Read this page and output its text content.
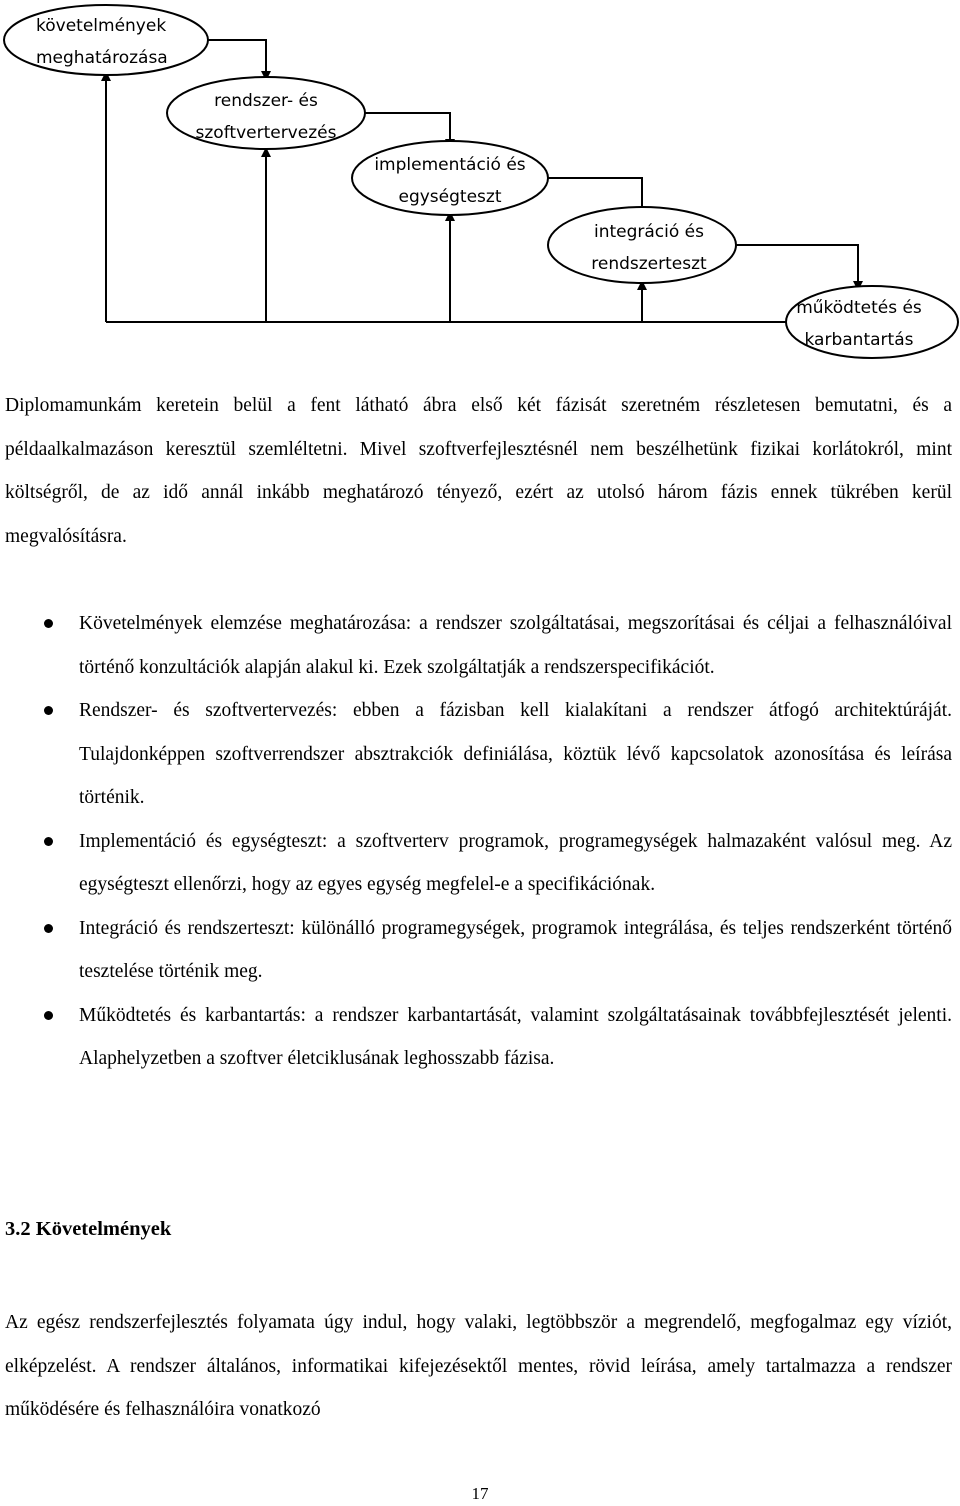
követelmények
meghatározása
rendszer- és
szoftvertervezés
implementáció és
egységteszt
integráció és
rendszerteszt
működtetés és
karbantartás

Diplomamunkám keretein belül a fent látható ábra első két fázisát szeretném részletesen bemutatni, és a példaalkalmazáson keresztül szemléltetni. Mivel szoftverfejlesztésnél nem beszélhetünk fizikai korlátokról, mint költségről, de az idő annál inkább meghatározó tényező, ezért az utolsó három fázis ennek tükrében kerül megvalósításra.

Követelmények elemzése meghatározása: a rendszer szolgáltatásai, megszorításai és céljai a felhasználóival történő konzultációk alapján alakul ki. Ezek szolgáltatják a rendszerspecifikációt.
Rendszer- és szoftvertervezés: ebben a fázisban kell kialakítani a rendszer átfogó architektúráját. Tulajdonképpen szoftverrendszer absztrakciók definiálása, köztük lévő kapcsolatok azonosítása és leírása történik.
Implementáció és egységteszt: a szoftverterv programok, programegységek halmazaként valósul meg. Az egységteszt ellenőrzi, hogy az egyes egység megfelel-e a specifikációnak.
Integráció és rendszerteszt: különálló programegységek, programok integrálása, és teljes rendszerként történő tesztelése történik meg.
Működtetés és karbantartás: a rendszer karbantartását, valamint szolgáltatásainak továbbfejlesztését jelenti. Alaphelyzetben a szoftver életciklusának leghosszabb fázisa.
3.2 Követelmények

Az egész rendszerfejlesztés folyamata úgy indul, hogy valaki, legtöbbször a megrendelő, megfogalmaz egy víziót, elképzelést. A rendszer általános, informatikai kifejezésektől mentes, rövid leírása, amely tartalmazza a rendszer működésére és felhasználóira vonatkozó

17
